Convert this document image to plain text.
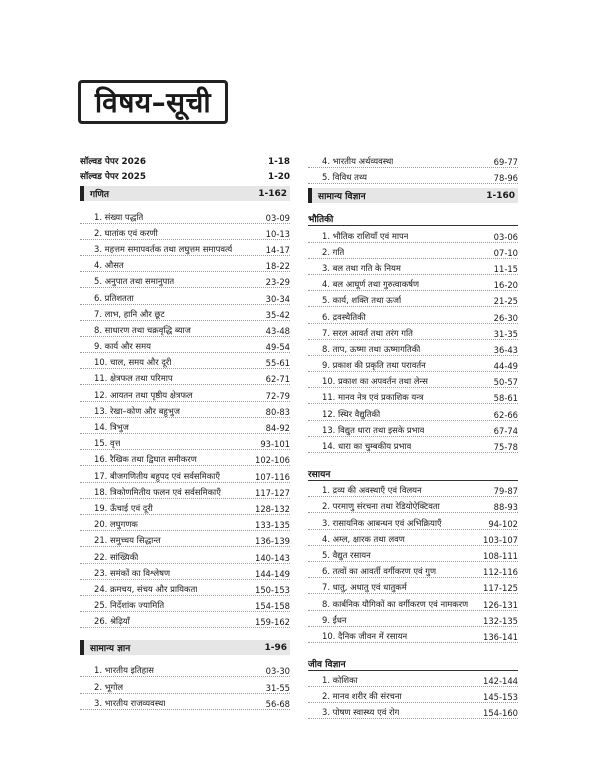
विषय–सूची
सॉल्वड पेपर 2026	1-18
सॉल्वड पेपर 2025	1-20
गणित	1-162
1. संख्या पद्धति	03-09
2. घातांक एवं करणी	10-13
3. महत्तम समापवर्तक तथा लघुत्तम समापवर्त्य	14-17
4. औसत	18-22
5. अनुपात तथा समानुपात	23-29
6. प्रतिशतता	30-34
7. लाभ, हानि और छूट	35-42
8. साधारण तथा चक्रवृद्धि ब्याज	43-48
9. कार्य और समय	49-54
10. चाल, समय और दूरी	55-61
11. क्षेत्रफल तथा परिमाप	62-71
12. आयतन तथा पृष्ठीय क्षेत्रफल	72-79
13. रेखा–कोण और बहुभुज	80-83
14. त्रिभुज	84-92
15. वृत्त	93-101
16. रैखिक तथा द्विघात समीकरण	102-106
17. बीजगणितीय बहुपद एवं सर्वसमिकाएँ	107-116
18. त्रिकोणमितीय फलन एवं सर्वसमिकाएँ	117-127
19. ऊँचाई एवं दूरी	128-132
20. लघुगणक	133-135
21. समुच्चय सिद्धान्त	136-139
22. सांख्यिकी	140-143
23. समंकों का विश्लेषण	144-149
24. क्रमचय, संचय और प्रायिकता	150-153
25. निर्देशांक ज्यामिति	154-158
26. श्रेढ़ियाँ	159-162
सामान्य ज्ञान	1-96
1. भारतीय इतिहास	03-30
2. भूगोल	31-55
3. भारतीय राजव्यवस्था	56-68
4. भारतीय अर्थव्यवस्था	69-77
5. विविध तथ्य	78-96
सामान्य विज्ञान	1-160
भौतिकी
1. भौतिक राशियाँ एवं मापन	03-06
2. गति	07-10
3. बल तथा गति के नियम	11-15
4. बल आघूर्ण तथा गुरुत्वाकर्षण	16-20
5. कार्य, शक्ति तथा ऊर्जा	21-25
6. द्रवस्थैतिकी	26-30
7. सरल आवर्त तथा तरंग गति	31-35
8. ताप, ऊष्मा तथा ऊष्मागतिकी	36-43
9. प्रकाश की प्रकृति तथा परावर्तन	44-49
10. प्रकाश का अपवर्तन तथा लेन्स	50-57
11. मानव नेत्र एवं प्रकाशिक यन्त्र	58-61
12. स्थिर वैद्युतिकी	62-66
13. विद्युत धारा तथा इसके प्रभाव	67-74
14. धारा का चुम्बकीय प्रभाव	75-78
रसायन
1. द्रव्य की अवस्थाएँ एवं विलयन	79-87
2. परमाणु संरचना तथा रेडियोऐक्टिवता	88-93
3. रासायनिक आबन्धन एवं अभिक्रियाएँ	94-102
4. अम्ल, क्षारक तथा लवण	103-107
5. वैद्युत रसायन	108-111
6. तत्वों का आवर्ती वर्गीकरण एवं गुण	112-116
7. धातु, अधातु एवं धातुकर्म	117-125
8. कार्बनिक यौगिकों का वर्गीकरण एवं नामकरण 126-131
9. ईंधन	132-135
10. दैनिक जीवन में रसायन	136-141
जीव विज्ञान
1. कोशिका	142-144
2. मानव शरीर की संरचना	145-153
3. पोषण स्वास्थ्य एवं रोग	154-160
